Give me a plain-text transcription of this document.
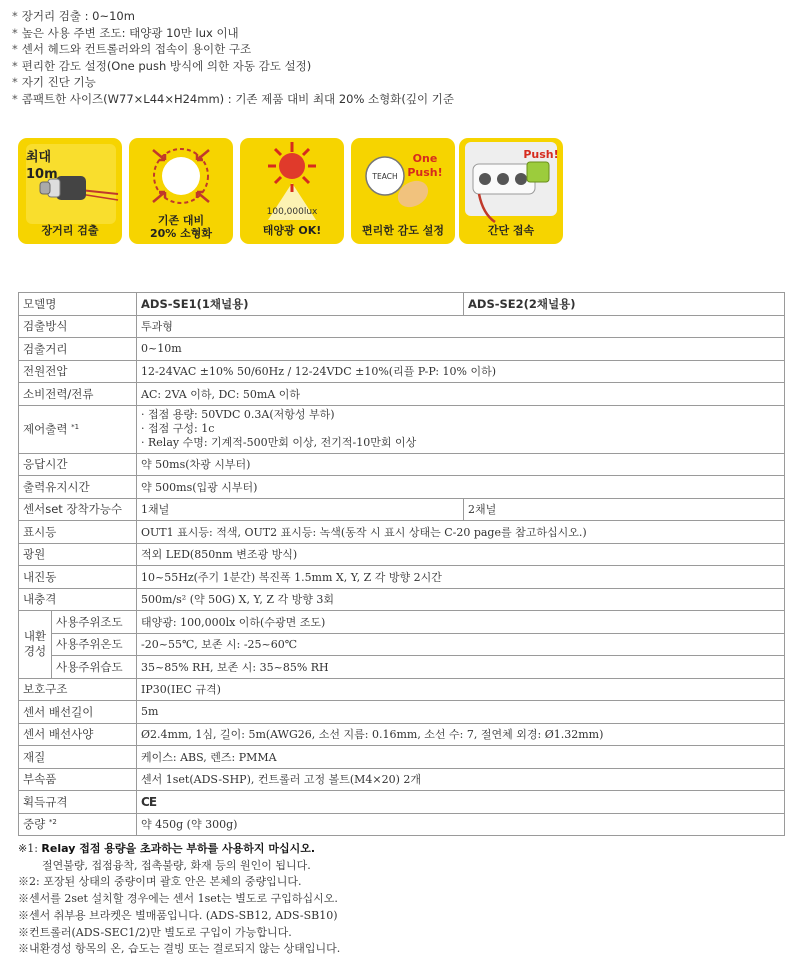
* 장거리 검출 : 0~10m
* 높은 사용 주변 조도: 태양광 10만 lux 이내
* 센서 헤드와 컨트롤러와의 접속이 용이한 구조
* 편리한 감도 설정(One push 방식에 의한 자동 감도 설정)
* 자기 진단 기능
* 콤팩트한 사이즈(W77×L44×H24mm) : 기존 제품 대비 최대 20% 소형화(깊이 기준
최대
10m
장거리 검출
기존 대비
20% 소형화
100,000lux
태양광 OK!
TEACH
One
Push!
편리한 감도 설정
Push!
간단 접속
모델명		ADS-SE1(1채널용)	ADS-SE2(2채널용)
검출방식		투과형	
검출거리		0~10m	
전원전압		12-24VAC ±10% 50/60Hz / 12-24VDC ±10%(리플 P-P: 10% 이하)	
소비전력/전류		AC: 2VA 이하, DC: 50mA 이하	
제어출력 $^{*1}$		· 접점 용량: 50VDC 0.3A(저항성 부하)
· 접점 구성: 1c
· Relay 수명: 기계적-500만회 이상, 전기적-10만회 이상	

응답시간		약 50ms(차광 시부터)	
출력유지시간		약 500ms(입광 시부터)	
센서set 장착가능수		1채널	2채널
표시등		OUT1 표시등: 적색, OUT2 표시등: 녹색(동작 시 표시 상태는 C-20 page를 참고하십시오.)	
광원		적외 LED(850nm 변조광 방식)	
내진동		10~55Hz(주기 1분간) 복진폭 1.5mm X, Y, Z 각 방향 2시간	
내충격		500m/s² (약 50G) X, Y, Z 각 방향 3회	

내환
경성	사용주위조도	태양광: 100,000lx 이하(수광면 조도)	
	사용주위온도	-20~55℃, 보존 시: -25~60℃	
	사용주위습도	35~85% RH, 보존 시: 35~85% RH	
보호구조		IP30(IEC 규격)	
센서 배선길이		5m	
센서 배선사양		Ø2.4mm, 1심, 길이: 5m(AWG26, 소선 지름: 0.16mm, 소선 수: 7, 절연체 외경: Ø1.32mm)	
재질		케이스: ABS, 렌즈: PMMA	
부속품		센서 1set(ADS-SHP), 컨트롤러 고정 볼트(M4×20) 2개	
획득규격		CE	
중량 $^{*2}$		약 450g (약 300g)	
※1: Relay 접점 용량을 초과하는 부하를 사용하지 마십시오.
절연불량, 접점융착, 접촉불량, 화재 등의 원인이 됩니다.
※2: 포장된 상태의 중량이며 괄호 안은 본체의 중량입니다.
※센서를 2set 설치할 경우에는 센서 1set는 별도로 구입하십시오.
※센서 취부용 브라켓은 별매품입니다. (ADS-SB12, ADS-SB10)
※컨트롤러(ADS-SEC1/2)만 별도로 구입이 가능합니다.
※내환경성 항목의 온, 습도는 결빙 또는 결로되지 않는 상태입니다.
